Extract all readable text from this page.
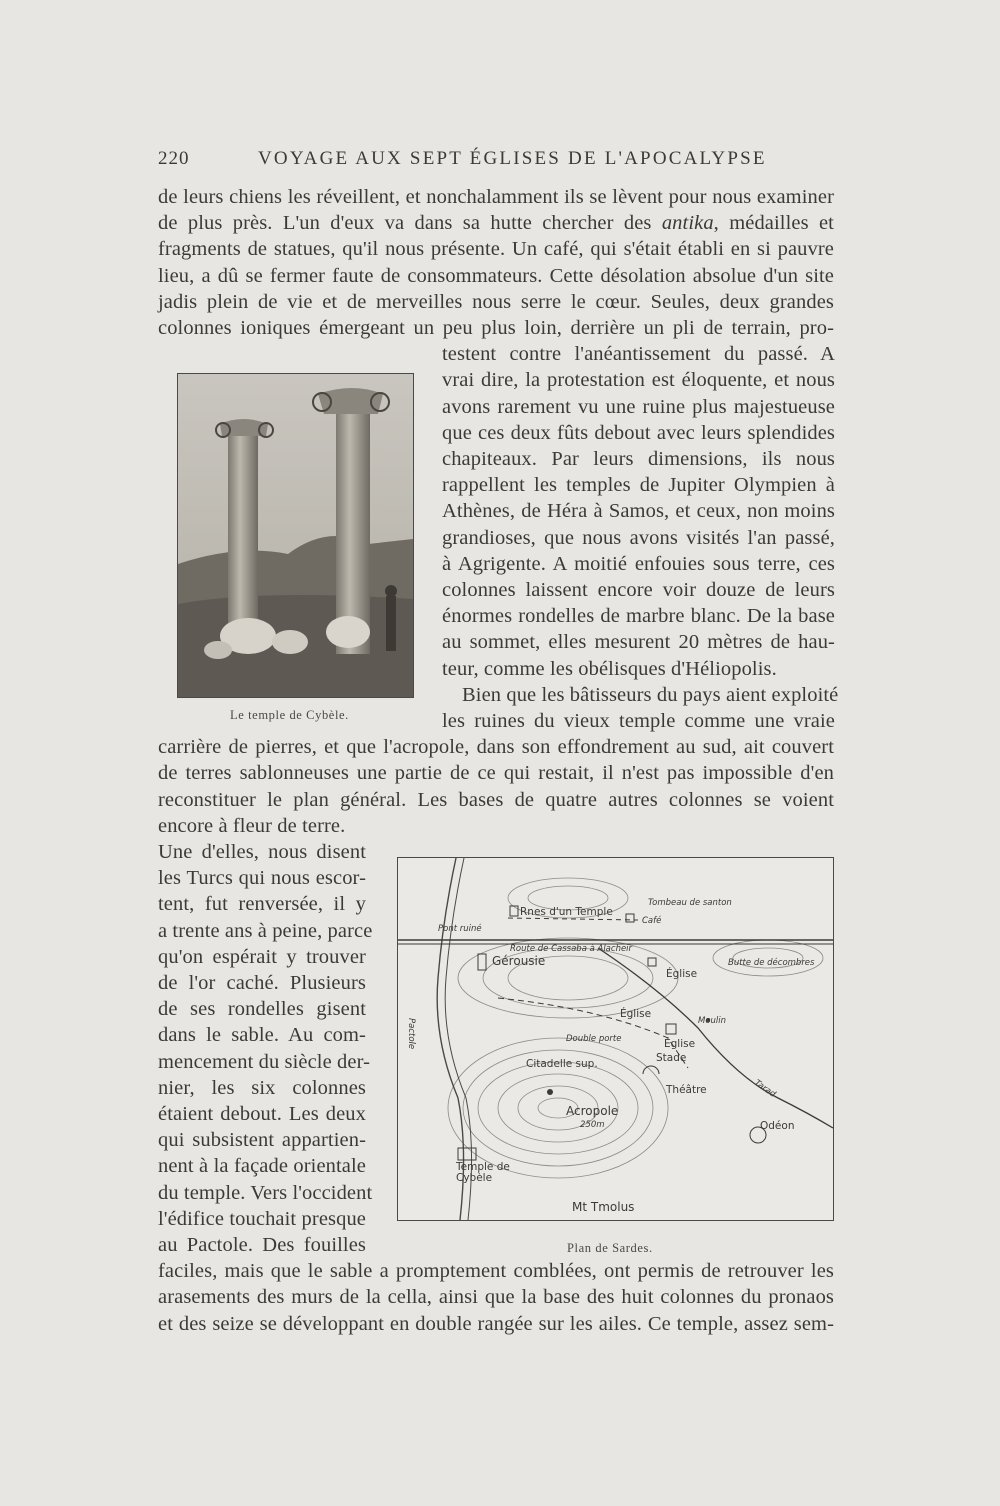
220	VOYAGE AUX SEPT ÉGLISES DE L'APOCALYPSE
de leurs chiens les réveillent, et nonchalamment ils se lèvent pour nous examiner
de plus près. L'un d'eux va dans sa hutte chercher des antika, médailles et
fragments de statues, qu'il nous présente. Un café, qui s'était établi en si pauvre
lieu, a dû se fermer faute de consommateurs. Cette désolation absolue d'un site
jadis plein de vie et de merveilles nous serre le cœur. Seules, deux grandes
colonnes ioniques émergeant un peu plus loin, derrière un pli de terrain, pro-
testent contre l'anéantissement du passé. A
vrai dire, la protestation est éloquente, et nous
avons rarement vu une ruine plus majestueuse
que ces deux fûts debout avec leurs splendides
chapiteaux. Par leurs dimensions, ils nous
rappellent les temples de Jupiter Olympien à
Athènes, de Héra à Samos, et ceux, non moins
grandioses, que nous avons visités l'an passé,
à Agrigente. A moitié enfouies sous terre, ces
colonnes laissent encore voir douze de leurs
énormes rondelles de marbre blanc. De la base
au sommet, elles mesurent 20 mètres de hau-
teur, comme les obélisques d'Héliopolis.
Bien que les bâtisseurs du pays aient exploité
les ruines du vieux temple comme une vraie
carrière de pierres, et que l'acropole, dans son effondrement au sud, ait couvert
de terres sablonneuses une partie de ce qui restait, il n'est pas impossible d'en
reconstituer le plan général. Les bases de quatre autres colonnes se voient
encore à fleur de terre.
Une d'elles, nous disent
les Turcs qui nous escor-
tent, fut renversée, il y
a trente ans à peine, parce
qu'on espérait y trouver
de l'or caché. Plusieurs
de ses rondelles gisent
dans le sable. Au com-
mencement du siècle der-
nier, les six colonnes
étaient debout. Les deux
qui subsistent appartien-
nent à la façade orientale
du temple. Vers l'occident
l'édifice touchait presque
au Pactole. Des fouilles
faciles, mais que le sable a promptement comblées, ont permis de retrouver les
arasements des murs de la cella, ainsi que la base des huit colonnes du pronaos
et des seize se développant en double rangée sur les ailes. Ce temple, assez sem-
Le temple de Cybèle.
Rnes d'un Temple
Tombeau de santon
Café
Pont ruiné
Route de Cassaba à Alacheir
Gérousie
Église
Butte de décombres
Pactole
Église
Moulin
Double porte	Église
Citadelle sup.	Stade
Théâtre	Tarad
Acropole
250m	Odéon
Temple de Cybèle
Mt Tmolus
Plan de Sardes.
